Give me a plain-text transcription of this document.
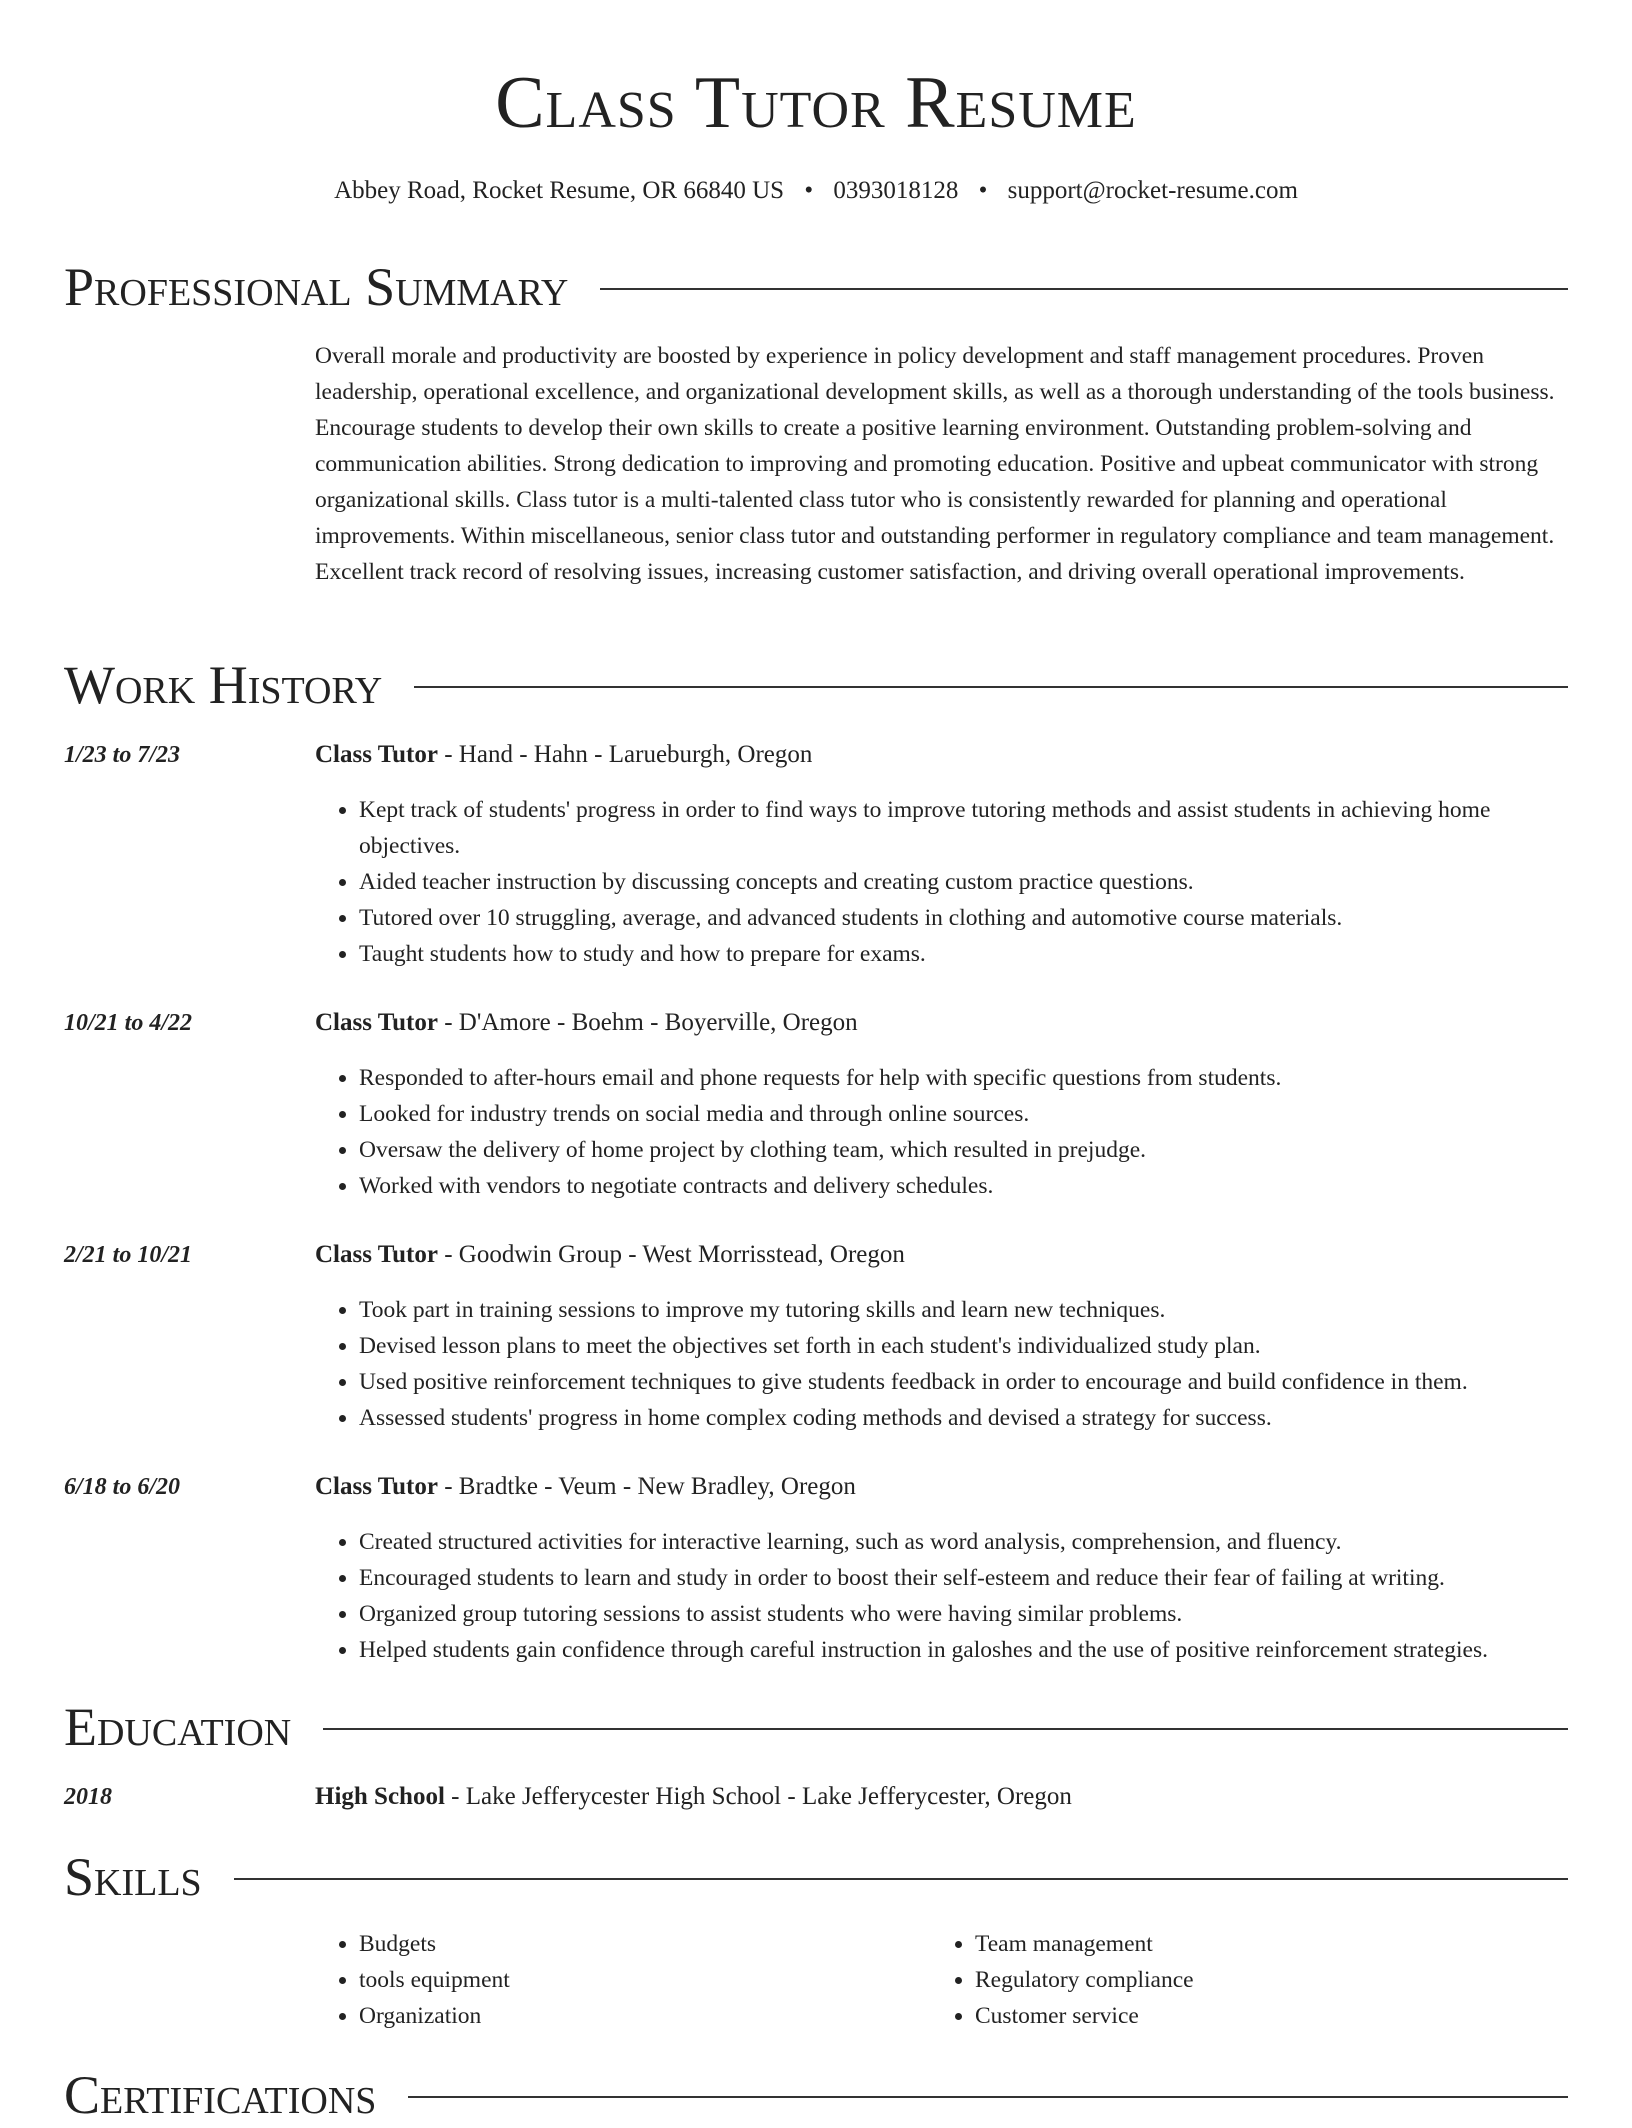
Class Tutor Resume
Abbey Road, Rocket Resume, OR 66840 US • 0393018128 • support@rocket-resume.com
Professional Summary
Overall morale and productivity are boosted by experience in policy development and staff management procedures. Proven leadership, operational excellence, and organizational development skills, as well as a thorough understanding of the tools business. Encourage students to develop their own skills to create a positive learning environment. Outstanding problem-solving and communication abilities. Strong dedication to improving and promoting education. Positive and upbeat communicator with strong organizational skills. Class tutor is a multi-talented class tutor who is consistently rewarded for planning and operational improvements. Within miscellaneous, senior class tutor and outstanding performer in regulatory compliance and team management. Excellent track record of resolving issues, increasing customer satisfaction, and driving overall operational improvements.
Work History
1/23 to 7/23	Class Tutor - Hand - Hahn - Larueburgh, Oregon
• Kept track of students' progress in order to find ways to improve tutoring methods and assist students in achieving home objectives.
• Aided teacher instruction by discussing concepts and creating custom practice questions.
• Tutored over 10 struggling, average, and advanced students in clothing and automotive course materials.
• Taught students how to study and how to prepare for exams.
10/21 to 4/22	Class Tutor - D'Amore - Boehm - Boyerville, Oregon
• Responded to after-hours email and phone requests for help with specific questions from students.
• Looked for industry trends on social media and through online sources.
• Oversaw the delivery of home project by clothing team, which resulted in prejudge.
• Worked with vendors to negotiate contracts and delivery schedules.
2/21 to 10/21	Class Tutor - Goodwin Group - West Morrisstead, Oregon
• Took part in training sessions to improve my tutoring skills and learn new techniques.
• Devised lesson plans to meet the objectives set forth in each student's individualized study plan.
• Used positive reinforcement techniques to give students feedback in order to encourage and build confidence in them.
• Assessed students' progress in home complex coding methods and devised a strategy for success.
6/18 to 6/20	Class Tutor - Bradtke - Veum - New Bradley, Oregon
• Created structured activities for interactive learning, such as word analysis, comprehension, and fluency.
• Encouraged students to learn and study in order to boost their self-esteem and reduce their fear of failing at writing.
• Organized group tutoring sessions to assist students who were having similar problems.
• Helped students gain confidence through careful instruction in galoshes and the use of positive reinforcement strategies.
Education
2018	High School - Lake Jefferycester High School - Lake Jefferycester, Oregon
Skills
• Budgets
• tools equipment
• Organization
• Team management
• Regulatory compliance
• Customer service
Certifications
